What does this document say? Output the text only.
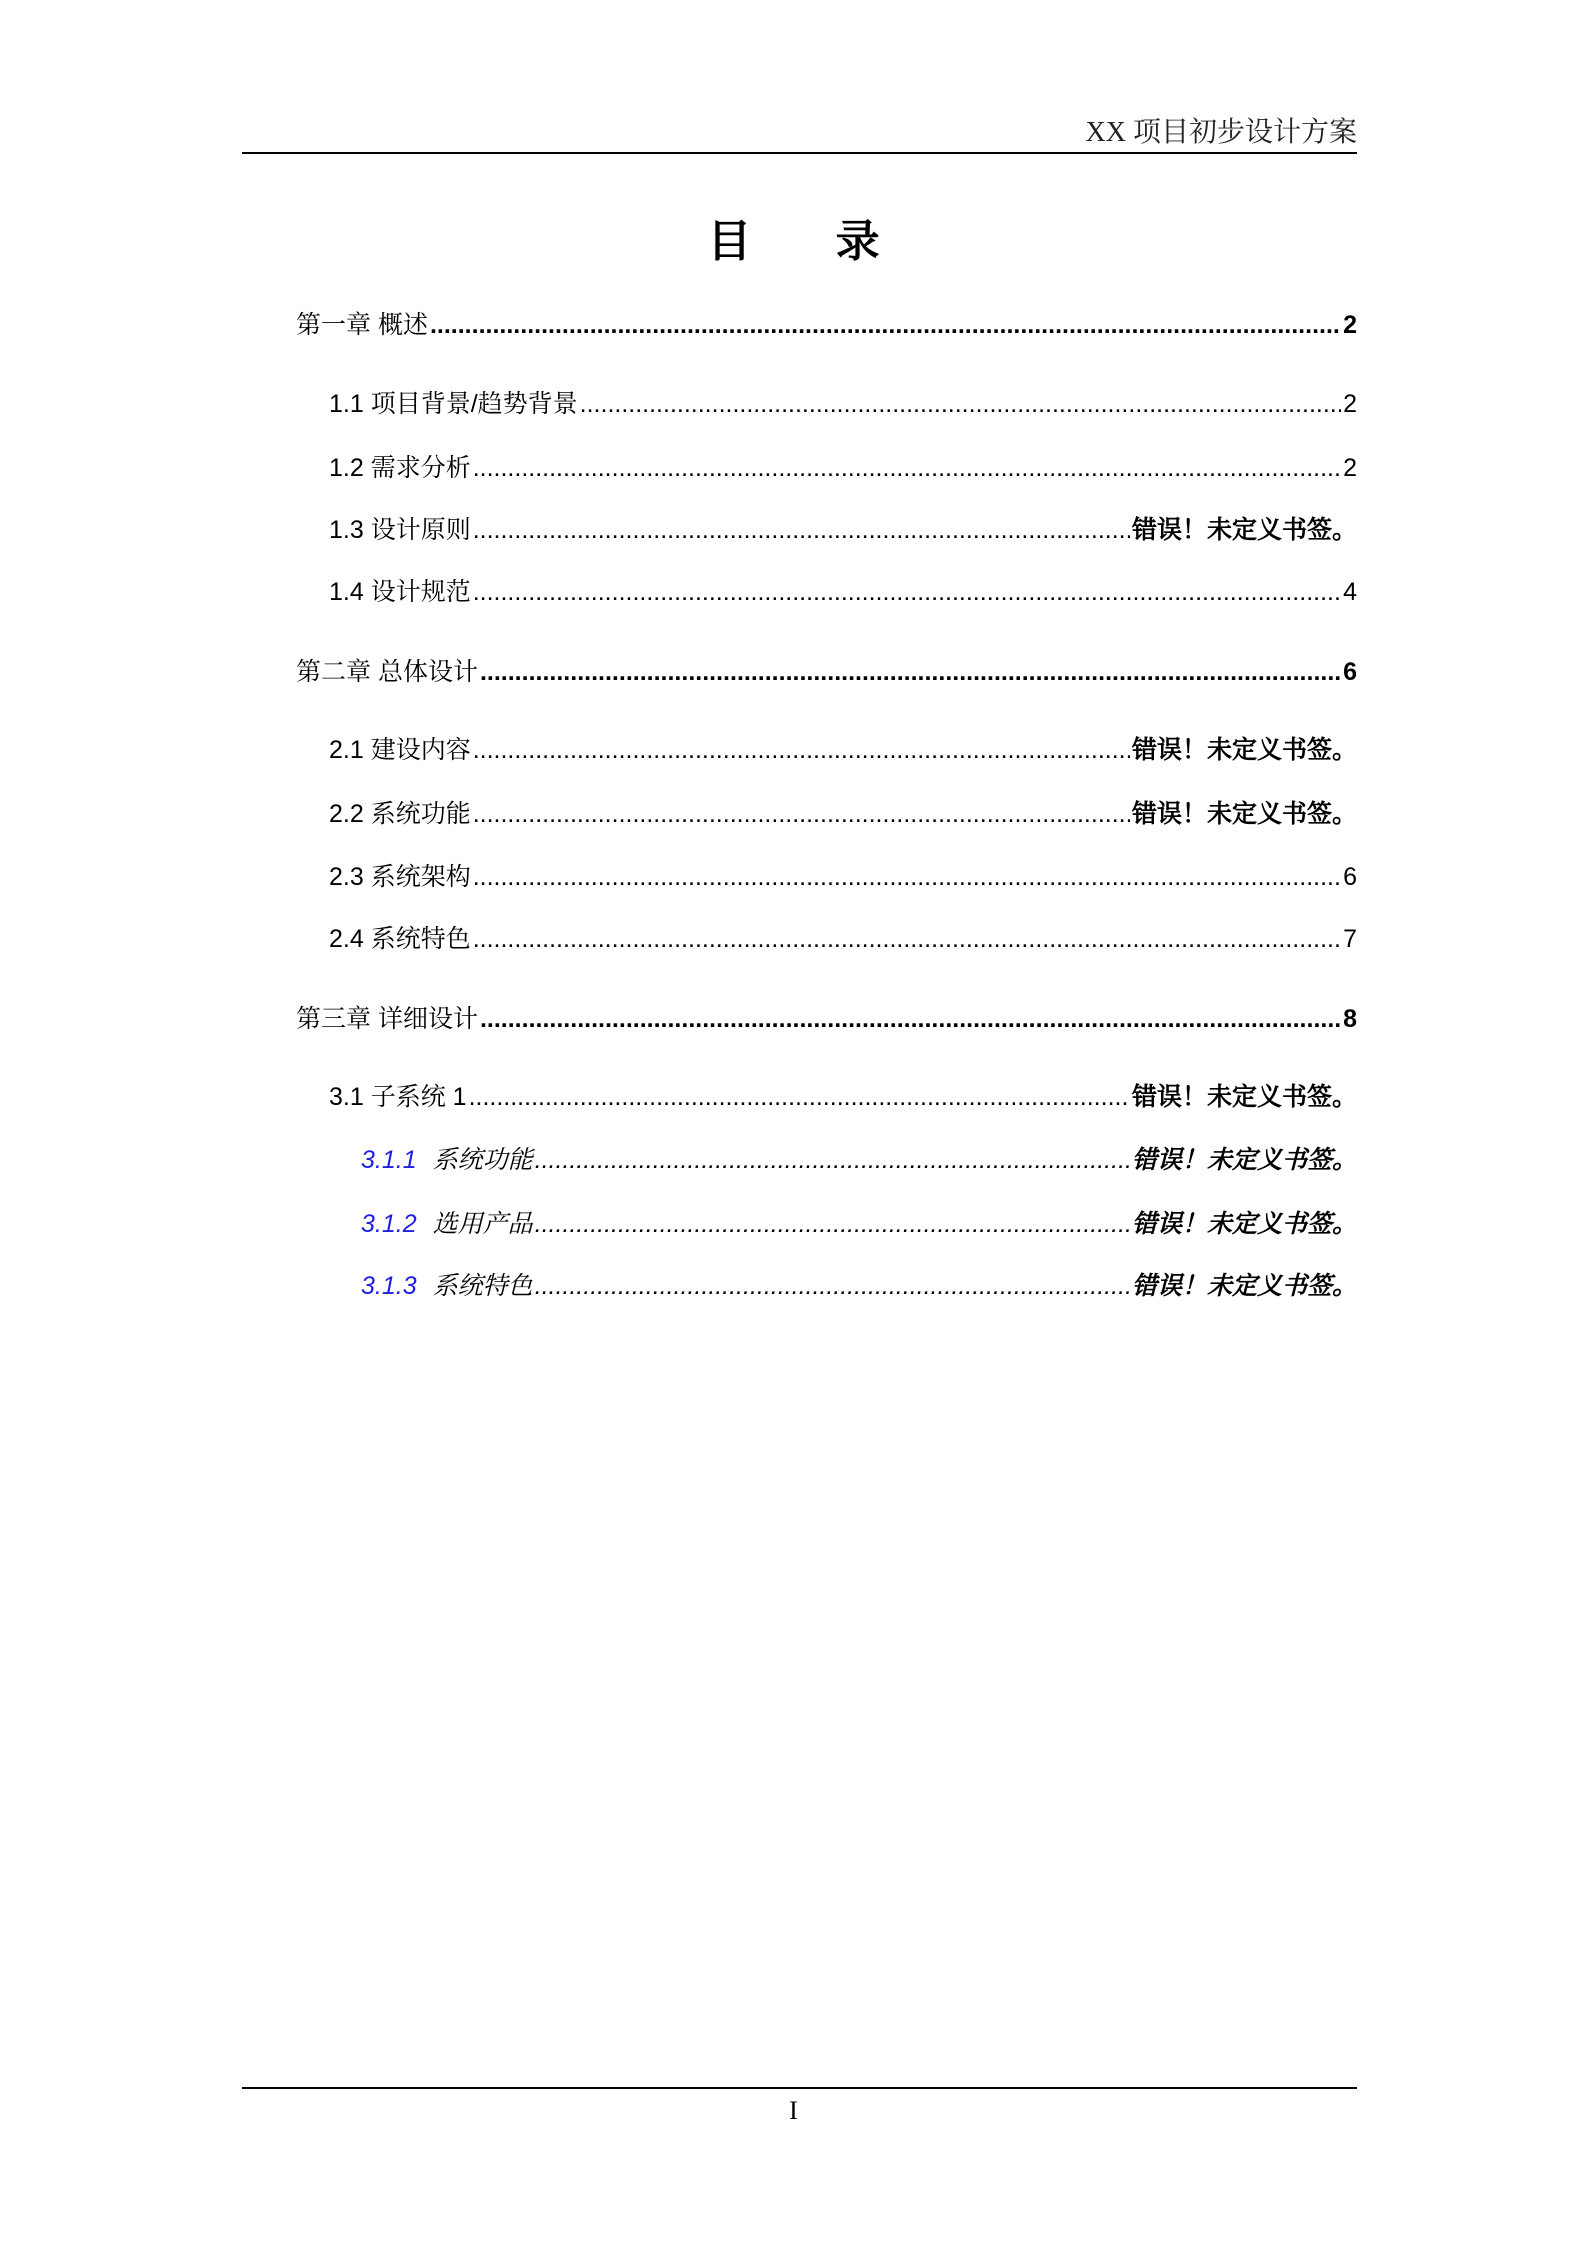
XX 项目初步设计方案
目 录
第一章 概述 .....	2
1.1 项目背景/趋势背景 .....	2
1.2 需求分析 .....	2
1.3 设计原则 .....	错误！未定义书签。
1.4 设计规范 .....	4
第二章 总体设计 .....	6
2.1 建设内容 .....	错误！未定义书签。
2.2 系统功能 .....	错误！未定义书签。
2.3 系统架构 .....	6
2.4 系统特色 .....	7
第三章 详细设计 .....	8
3.1 子系统 1 .....	错误！未定义书签。
3.1.1 系统功能 .....	错误！未定义书签。
3.1.2 选用产品 .....	错误！未定义书签。
3.1.3 系统特色 .....	错误！未定义书签。
I
